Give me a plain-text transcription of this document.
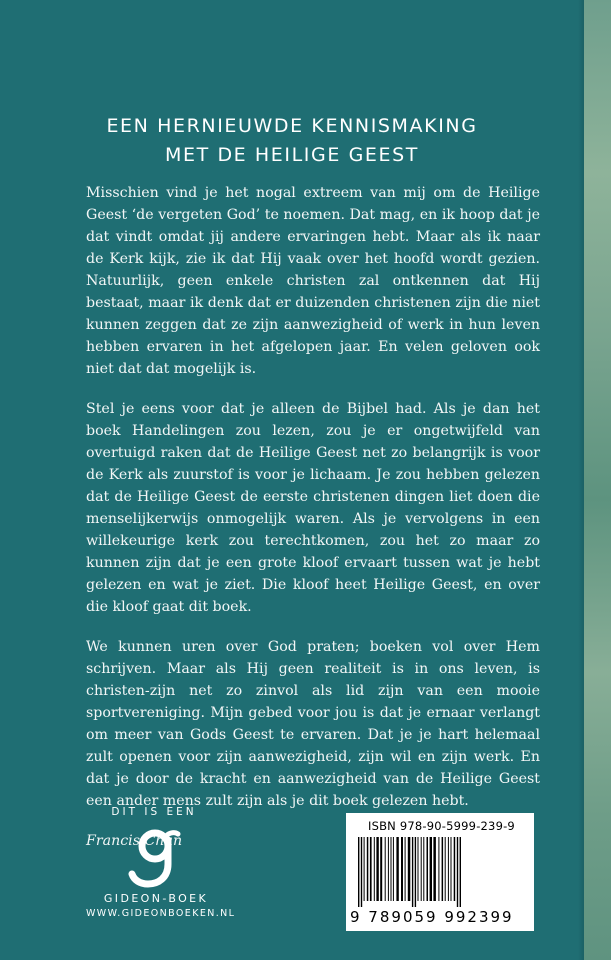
EEN HERNIEUWDE KENNISMAKING
MET DE HEILIGE GEEST

Misschien vind je het nogal extreem van mij om de Heilige Geest ‘de vergeten God’ te noemen. Dat mag, en ik hoop dat je dat vindt omdat jij andere ervaringen hebt. Maar als ik naar de Kerk kijk, zie ik dat Hij vaak over het hoofd wordt gezien. Natuurlijk, geen enkele christen zal ontkennen dat Hij bestaat, maar ik denk dat er duizenden christenen zijn die niet kunnen zeggen dat ze zijn aanwezigheid of werk in hun leven hebben ervaren in het afgelopen jaar. En velen geloven ook niet dat dat mogelijk is.

Stel je eens voor dat je alleen de Bijbel had. Als je dan het boek Handelingen zou lezen, zou je er ongetwijfeld van overtuigd raken dat de Heilige Geest net zo belangrijk is voor de Kerk als zuurstof is voor je lichaam. Je zou hebben gelezen dat de Heilige Geest de eerste christenen dingen liet doen die menselijkerwijs onmogelijk waren. Als je vervolgens in een willekeurige kerk zou terechtkomen, zou het zo maar zo kunnen zijn dat je een grote kloof ervaart tussen wat je hebt gelezen en wat je ziet. Die kloof heet Heilige Geest, en over die kloof gaat dit boek.

We kunnen uren over God praten; boeken vol over Hem schrijven. Maar als Hij geen realiteit is in ons leven, is christen-zijn net zo zinvol als lid zijn van een mooie sportvereniging. Mijn gebed voor jou is dat je ernaar verlangt om meer van Gods Geest te ervaren. Dat je je hart helemaal zult openen voor zijn aanwezigheid, zijn wil en zijn werk. En dat je door de kracht en aanwezigheid van de Heilige Geest een ander mens zult zijn als je dit boek gelezen hebt.

Francis Chan

DIT IS EEN
GIDEON-BOEK
WWW.GIDEONBOEKEN.NL
ISBN 978-90-5999-239-9
9 789059 992399
